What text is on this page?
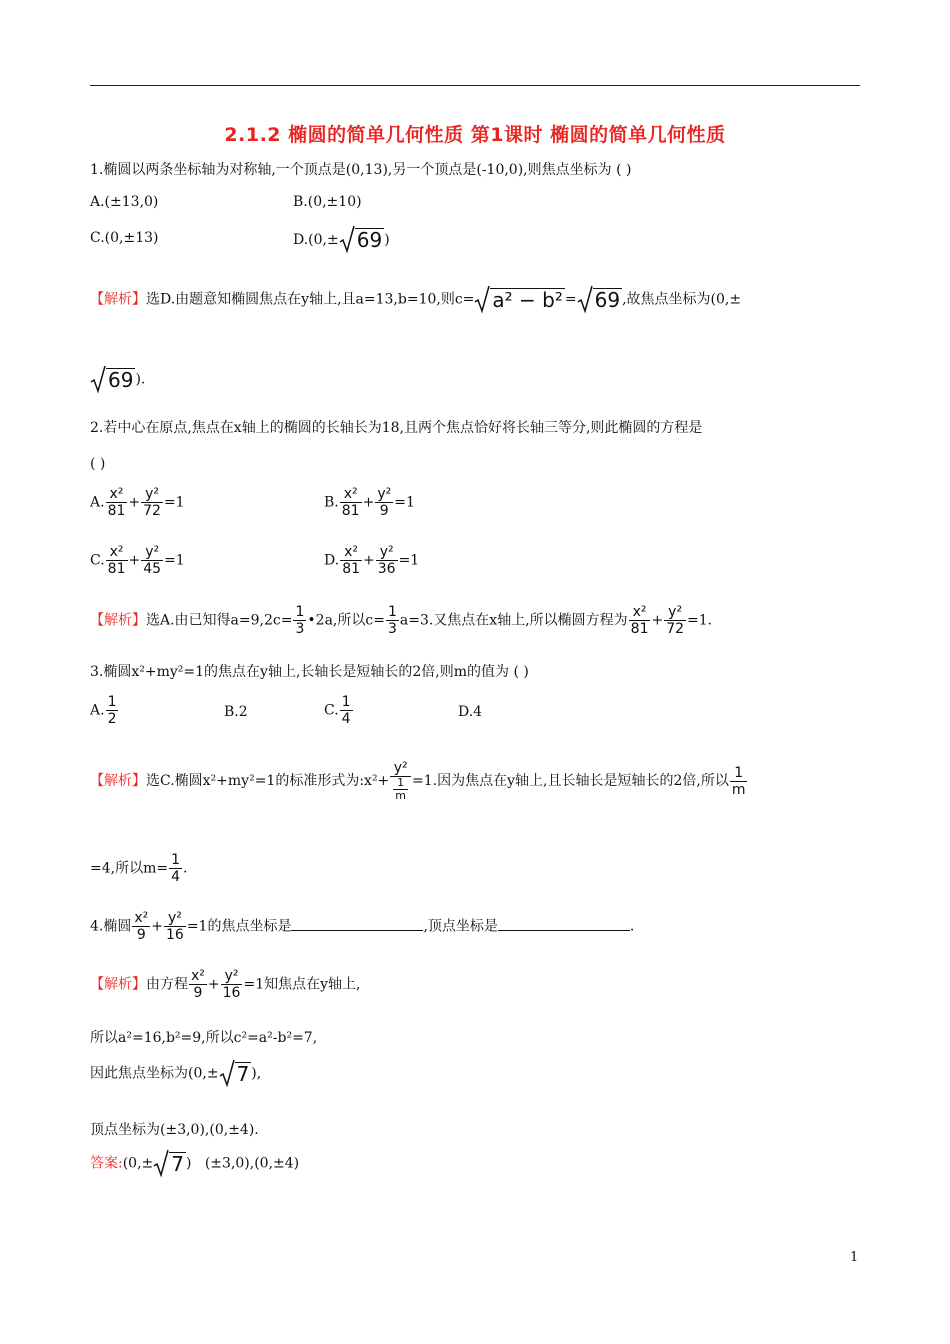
2.1.2 椭圆的简单几何性质 第1课时 椭圆的简单几何性质
1.椭圆以两条坐标轴为对称轴,一个顶点是(0,13),另一个顶点是(-10,0),则焦点坐标为 ( )
A.(±13,0)	B.(0,±10)
C.(0,±13)	D.(0,± 69 )
【解析】选D.由题意知椭圆焦点在y轴上,且a=13,b=10,则c= a² − b² = 69 ,故焦点坐标为(0,±
69 ).
2.若中心在原点,焦点在x轴上的椭圆的长轴长为18,且两个焦点恰好将长轴三等分,则此椭圆的方程是
( )
A. $\frac{\text{x²}}{81} + \frac{\text{y²}}{72} =1$	B. $\frac{\text{x²}}{81} + \frac{\text{y²}}{9} =1$
C. $\frac{\text{x²}}{81} + \frac{\text{y²}}{45} =1$	D. $\frac{\text{x²}}{81} + \frac{\text{y²}}{36} =1$
【解析】选A.由已知得$a=9,2c= \frac{1}{3}$ •2a,所以$c= \frac{1}{3} a=3$.又焦点在x轴上,所以椭圆方程为 $\frac{\text{x²}}{81} + \frac{\text{y²}}{72} =1$.
3.椭圆x²+my²=1的焦点在y轴上,长轴长是短轴长的2倍,则m的值为 ( )
A. $\frac{1}{2}$	B.2	C. $\frac{1}{4}$	D.4
【解析】选C.椭圆x²+my²=1的标准形式为:x²+ $\frac{\text{y²}}{\frac{1}{m}} =1$.因为焦点在y轴上,且长轴长是短轴长的2倍,所以 $\frac{1}{m}$
=4,所以$m= \frac{1}{4}$ .
4.椭圆 $\frac{\text{x²}}{9} + \frac{\text{y²}}{16} =1$的焦点坐标是	,顶点坐标是	.
【解析】由方程 $\frac{\text{x²}}{9} + \frac{\text{y²}}{16} =1$知焦点在y轴上,
所以a²=16,b²=9,所以c²=a²-b²=7,
因此焦点坐标为(0,± 7 ),
顶点坐标为(±3,0),(0,±4).
答案:(0,± 7 )   (±3,0),(0,±4)
1
